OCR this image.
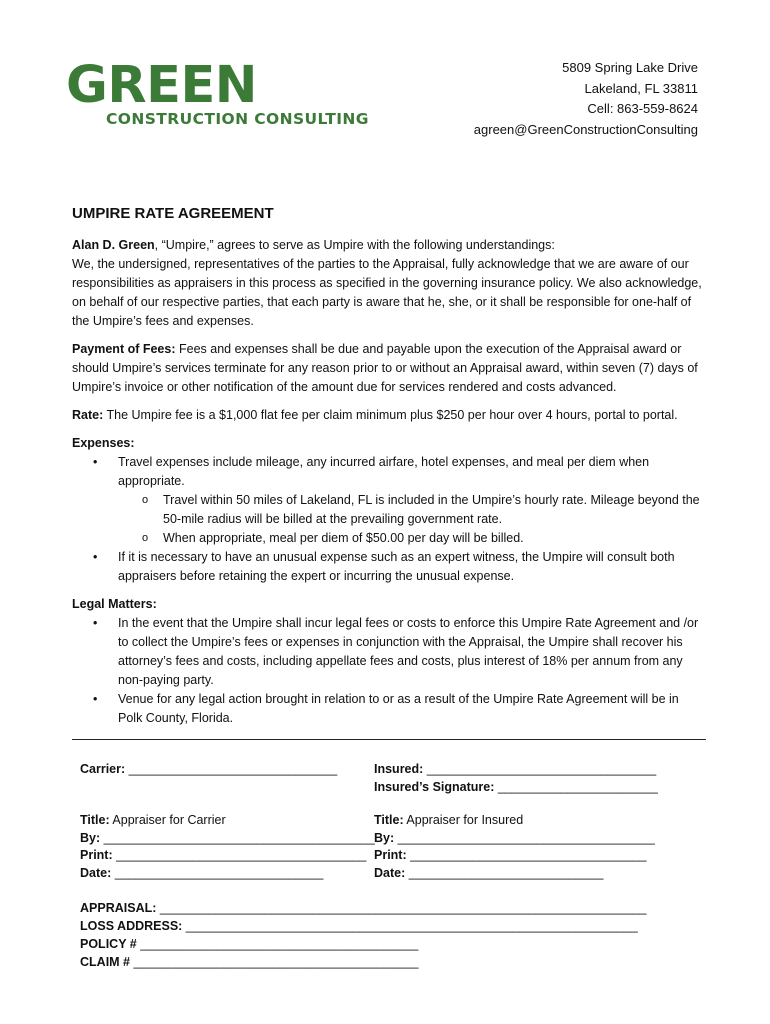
GREEN
CONSTRUCTION CONSULTING
5809 Spring Lake Drive
Lakeland, FL 33811
Cell: 863-559-8624
agreen@GreenConstructionConsulting
UMPIRE RATE AGREEMENT

Alan D. Green, “Umpire,” agrees to serve as Umpire with the following understandings:
We, the undersigned, representatives of the parties to the Appraisal, fully acknowledge that we are aware of our responsibilities as appraisers in this process as specified in the governing insurance policy. We also acknowledge, on behalf of our respective parties, that each party is aware that he, she, or it shall be responsible for one-half of the Umpire’s fees and expenses.

Payment of Fees: Fees and expenses shall be due and payable upon the execution of the Appraisal award or should Umpire’s services terminate for any reason prior to or without an Appraisal award, within seven (7) days of Umpire’s invoice or other notification of the amount due for services rendered and costs advanced.

Rate: The Umpire fee is a $1,000 flat fee per claim minimum plus $250 per hour over 4 hours, portal to portal.

Expenses:
• Travel expenses include mileage, any incurred airfare, hotel expenses, and meal per diem when appropriate.
o Travel within 50 miles of Lakeland, FL is included in the Umpire’s hourly rate. Mileage beyond the 50-mile radius will be billed at the prevailing government rate.
o When appropriate, meal per diem of $50.00 per day will be billed.
• If it is necessary to have an unusual expense such as an expert witness, the Umpire will consult both appraisers before retaining the expert or incurring the unusual expense.
Legal Matters:
• In the event that the Umpire shall incur legal fees or costs to enforce this Umpire Rate Agreement and /or to collect the Umpire’s fees or expenses in conjunction with the Appraisal, the Umpire shall recover his attorney’s fees and costs, including appellate fees and costs, plus interest of 18% per annum from any non-paying party.
• Venue for any legal action brought in relation to or as a result of the Umpire Rate Agreement will be in Polk County, Florida.
Carrier: ______________________________	Insured: _________________________________
Insured’s Signature: _______________________
Title: Appraiser for Carrier
By: _______________________________________
Print: ____________________________________
Date: ______________________________
Title: Appraiser for Insured
By: _____________________________________
Print: __________________________________
Date: ____________________________
APPRAISAL: ______________________________________________________________________
LOSS ADDRESS: _________________________________________________________________
POLICY # ________________________________________
CLAIM # _________________________________________
